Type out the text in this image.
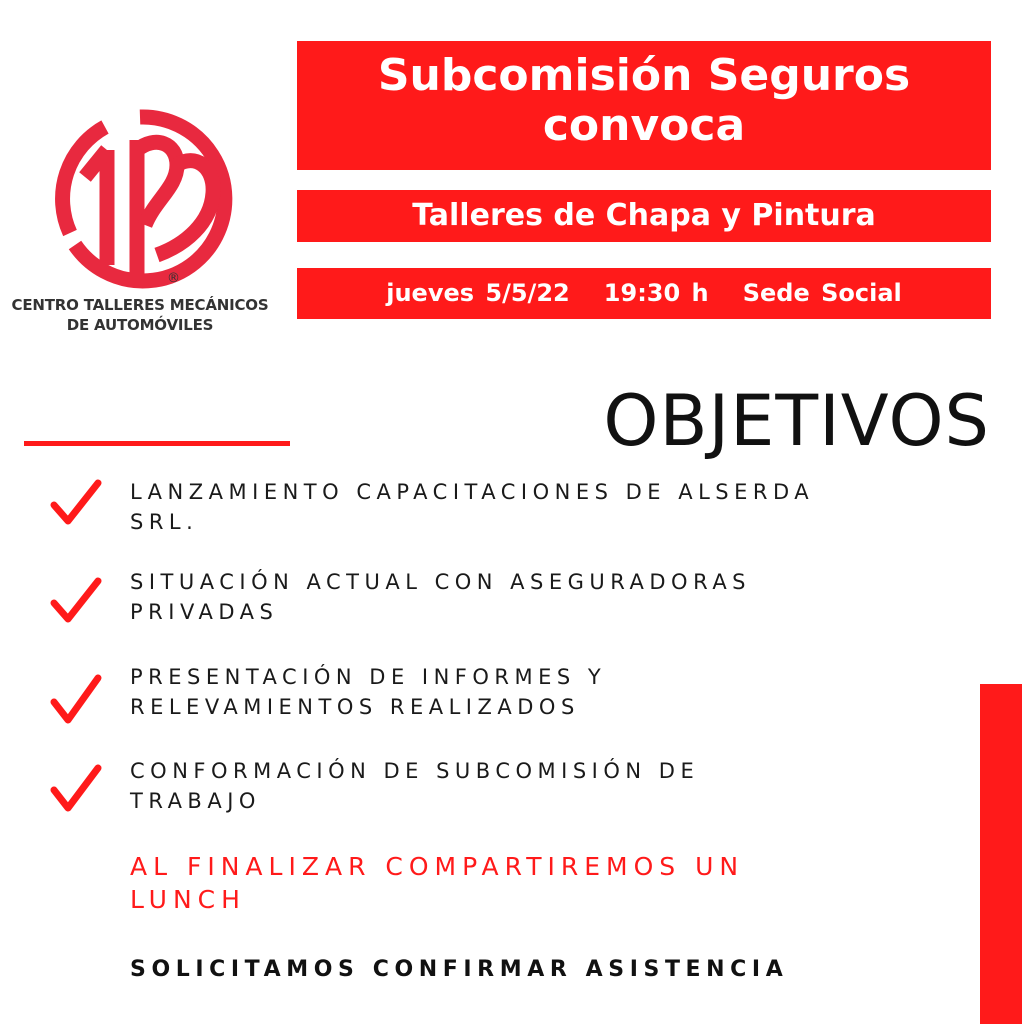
®
CENTRO TALLERES MECÁNICOS
DE AUTOMÓVILES
Subcomisión Seguros
convoca
Talleres de Chapa y Pintura
jueves 5/5/22 19:30 h Sede Social
OBJETIVOS
LANZAMIENTO CAPACITACIONES DE ALSERDA
SRL.
SITUACIÓN ACTUAL CON ASEGURADORAS
PRIVADAS
PRESENTACIÓN DE INFORMES Y
RELEVAMIENTOS REALIZADOS
CONFORMACIÓN DE SUBCOMISIÓN DE
TRABAJO
AL FINALIZAR COMPARTIREMOS UN
LUNCH
SOLICITAMOS CONFIRMAR ASISTENCIA
